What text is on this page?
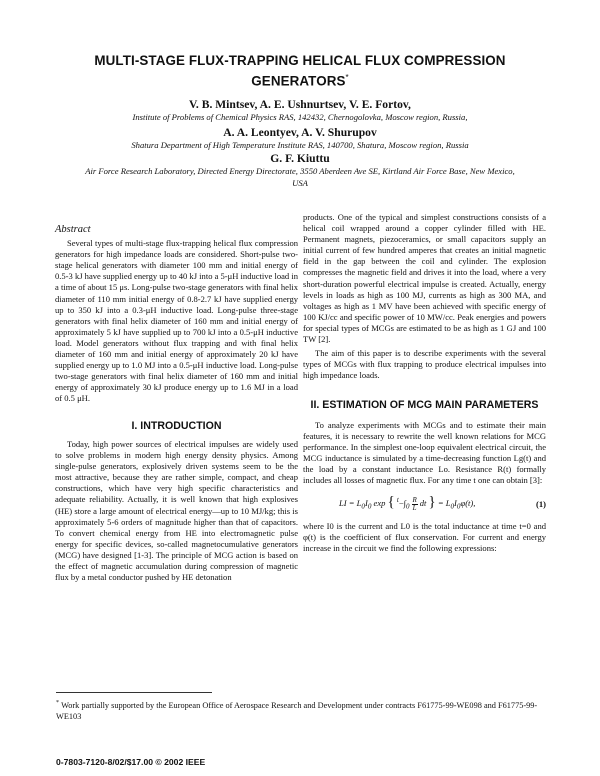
MULTI-STAGE FLUX-TRAPPING HELICAL FLUX COMPRESSION GENERATORS*
V. B. Mintsev, A. E. Ushnurtsev, V. E. Fortov,
Institute of Problems of Chemical Physics RAS, 142432, Chernogolovka, Moscow region, Russia,
A. A. Leontyev, A. V. Shurupov
Shatura Department of High Temperature Institute RAS, 140700, Shatura, Moscow region, Russia
G. F. Kiuttu
Air Force Research Laboratory, Directed Energy Directorate, 3550 Aberdeen Ave SE, Kirtland Air Force Base, New Mexico, USA
Abstract

Several types of multi-stage flux-trapping helical flux compression generators for high impedance loads are considered. Short-pulse two-stage helical generators with diameter 100 mm and initial energy of 0.5-3 kJ have supplied energy up to 40 kJ into a 5-μH inductive load in a time of about 15 μs. Long-pulse two-stage generators with final helix diameter of 110 mm initial energy of 0.8-2.7 kJ have supplied energy up to 350 kJ into a 0.3-μH inductive load. Long-pulse three-stage generators with final helix diameter of 160 mm and initial energy of approximately 5 kJ have supplied up to 700 kJ into a 0.5-μH inductive load. Model generators without flux trapping and with final helix diameter of 160 mm and initial energy of approximately 20 kJ have supplied energy up to 1.0 MJ into a 0.5-μH inductive load. Long-pulse two-stage generators with final helix diameter of 160 mm and initial energy of approximately 30 kJ produce energy up to 1.6 MJ in a load of 0.5 μH.

I. INTRODUCTION

Today, high power sources of electrical impulses are widely used to solve problems in modern high energy density physics. Among single-pulse generators, explosively driven systems seem to be the most attractive, because they are rather simple, compact, and cheap constructions, which have very high specific characteristics and adequate reliability. Actually, it is well known that high explosives (HE) store a large amount of electrical energy—up to 10 MJ/kg; this is approximately 5-6 orders of magnitude higher than that of capacitors. To convert chemical energy from HE into electromagnetic pulse energy for specific devices, so-called magnetocumulative generators (MCG) have designed [1-3]. The principle of MCG action is based on the effect of magnetic accumulation during compression of magnetic flux by a metal conductor pushed by HE detonation

products. One of the typical and simplest constructions consists of a helical coil wrapped around a copper cylinder filled with HE. Permanent magnets, piezoceramics, or small capacitors supply an initial current of few hundred amperes that creates an initial magnetic field in the gap between the coil and cylinder. The explosion compresses the magnetic field and drives it into the load, where a very short-duration powerful electrical impulse is created. Actually, energy levels in loads as high as 100 MJ, currents as high as 300 MA, and voltages as high as 1 MV have been achieved with specific energy of 100 KJ/cc and specific power of 10 MW/cc. Peak energies and powers for special types of MCGs are estimated to be as high as 1 GJ and 100 TW [2].

The aim of this paper is to describe experiments with the several types of MCGs with flux trapping to produce electrical impulses into high impedance loads.

II. ESTIMATION OF MCG MAIN PARAMETERS

To analyze experiments with MCGs and to estimate their main features, it is necessary to rewrite the well known relations for MCG performance. In the simplest one-loop equivalent electrical circuit, the MCG inductance is simulated by a time-decreasing function Lg(t) and the load by a constant inductance Lo. Resistance R(t) formally includes all losses of magnetic flux. For any time t one can obtain [3]:

LI = $L_0I_0$ exp { $^t-\int_0 \frac{R}{L}$ dt } = $L_0I_0\varphi(t)$,	(1)

where I0 is the current and L0 is the total inductance at time t=0 and φ(t) is the coefficient of flux conservation. For current and energy increase in the circuit we find the following expressions:

* Work partially supported by the European Office of Aerospace Research and Development under contracts F61775-99-WE098 and F61775-99-WE103
0-7803-7120-8/02/$17.00 © 2002 IEEE
